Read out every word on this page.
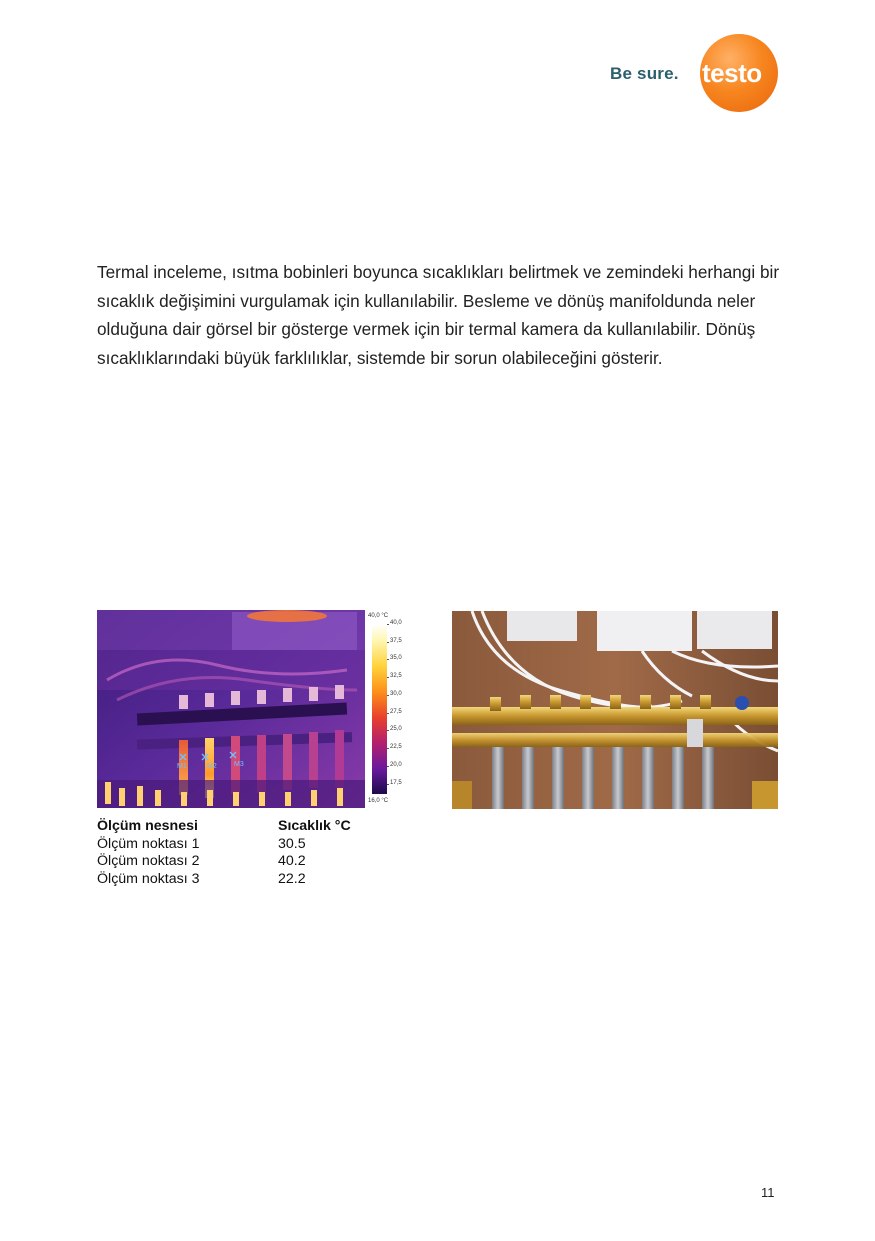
Be sure. testo
Termal inceleme, ısıtma bobinleri boyunca sıcaklıkları belirtmek ve zemindeki herhangi bir sıcaklık değişimini vurgulamak için kullanılabilir. Besleme ve dönüş manifoldunda neler olduğuna dair görsel bir gösterge vermek için bir termal kamera da kullanılabilir. Dönüş sıcaklıklarındaki büyük farklılıklar, sistemde bir sorun olabileceğini gösterir.
M1	M2 M3
40,0 °C
40,0
37,5
35,0
32,5
30,0
27,5
25,0
22,5
20,0
17,5
16,0 °C
Ölçüm nesnesi	Sıcaklık °C
Ölçüm noktası 1	30.5
Ölçüm noktası 2	40.2
Ölçüm noktası 3	22.2
11
